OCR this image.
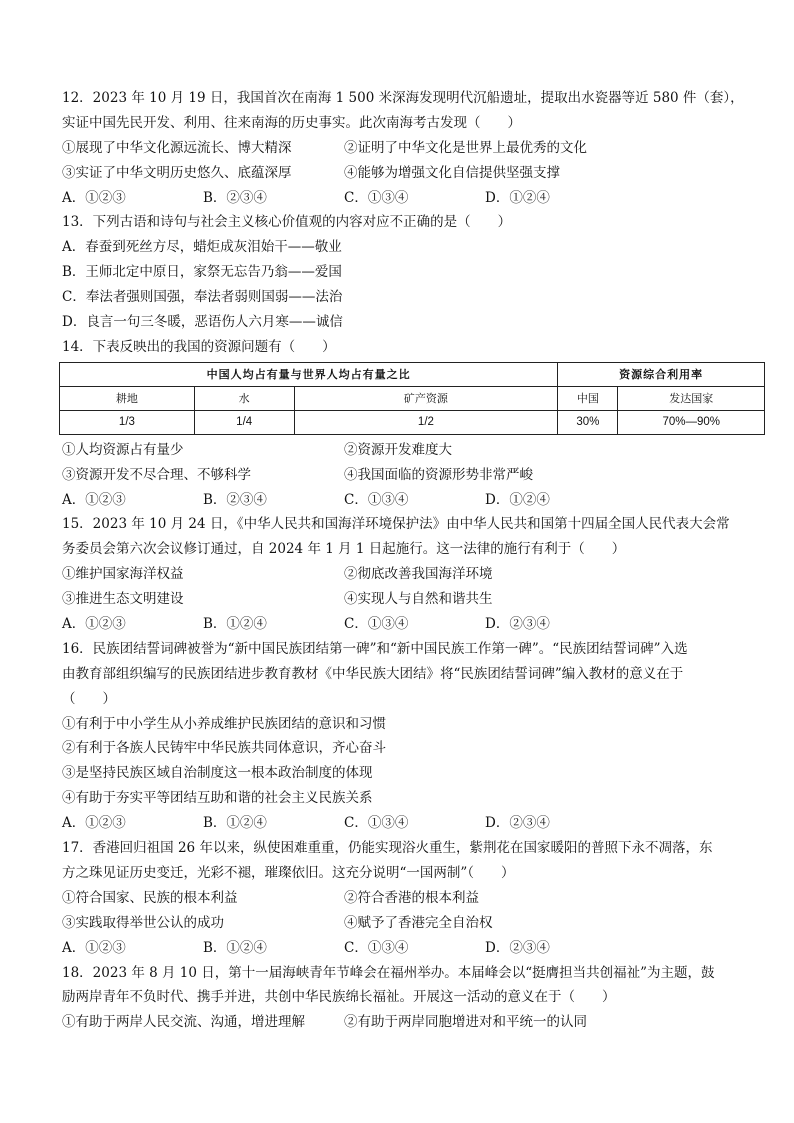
12．2023 年 10 月 19 日，我国首次在南海 1 500 米深海发现明代沉船遗址，提取出水瓷器等近 580 件（套），
实证中国先民开发、利用、往来南海的历史事实。此次南海考古发现（　　）
①展现了中华文化源远流长、博大精深	②证明了中华文化是世界上最优秀的文化
③实证了中华文明历史悠久、底蕴深厚	④能够为增强文化自信提供坚强支撑
A．①②③	B．②③④	C．①③④	D．①②④
13．下列古语和诗句与社会主义核心价值观的内容对应不正确的是（　　）
A．春蚕到死丝方尽，蜡炬成灰泪始干——敬业
B．王师北定中原日，家祭无忘告乃翁——爱国
C．奉法者强则国强，奉法者弱则国弱——法治
D．良言一句三冬暖，恶语伤人六月寒——诚信
14．下表反映出的我国的资源问题有（　　）
中国人均占有量与世界人均占有量之比			资源综合利用率	
耕地	水	矿产资源	中国	发达国家
1/3	1/4	1/2	30%	70%—90%
①人均资源占有量少	②资源开发难度大
③资源开发不尽合理、不够科学	④我国面临的资源形势非常严峻
A．①②③	B．②③④	C．①③④	D．①②④
15．2023 年 10 月 24 日，《中华人民共和国海洋环境保护法》由中华人民共和国第十四届全国人民代表大会常
务委员会第六次会议修订通过，自 2024 年 1 月 1 日起施行。这一法律的施行有利于（　　）
①维护国家海洋权益	②彻底改善我国海洋环境
③推进生态文明建设	④实现人与自然和谐共生
A．①②③	B．①②④	C．①③④	D．②③④
16．民族团结誓词碑被誉为“新中国民族团结第一碑”和“新中国民族工作第一碑”。“民族团结誓词碑”入选
由教育部组织编写的民族团结进步教育教材《中华民族大团结》将“民族团结誓词碑”编入教材的意义在于
（　　）
①有利于中小学生从小养成维护民族团结的意识和习惯
②有利于各族人民铸牢中华民族共同体意识，齐心奋斗
③是坚持民族区域自治制度这一根本政治制度的体现
④有助于夯实平等团结互助和谐的社会主义民族关系
A．①②③	B．①②④	C．①③④	D．②③④
17．香港回归祖国 26 年以来，纵使困难重重，仍能实现浴火重生，紫荆花在国家暖阳的普照下永不凋落，东
方之珠见证历史变迁，光彩不褪，璀璨依旧。这充分说明“一国两制”（　　）
①符合国家、民族的根本利益	②符合香港的根本利益
③实践取得举世公认的成功	④赋予了香港完全自治权
A．①②③	B．①②④	C．①③④	D．②③④
18．2023 年 8 月 10 日，第十一届海峡青年节峰会在福州举办。本届峰会以“挺膺担当共创福祉”为主题，鼓
励两岸青年不负时代、携手并进，共创中华民族绵长福祉。开展这一活动的意义在于（　　）
①有助于两岸人民交流、沟通，增进理解	②有助于两岸同胞增进对和平统一的认同
